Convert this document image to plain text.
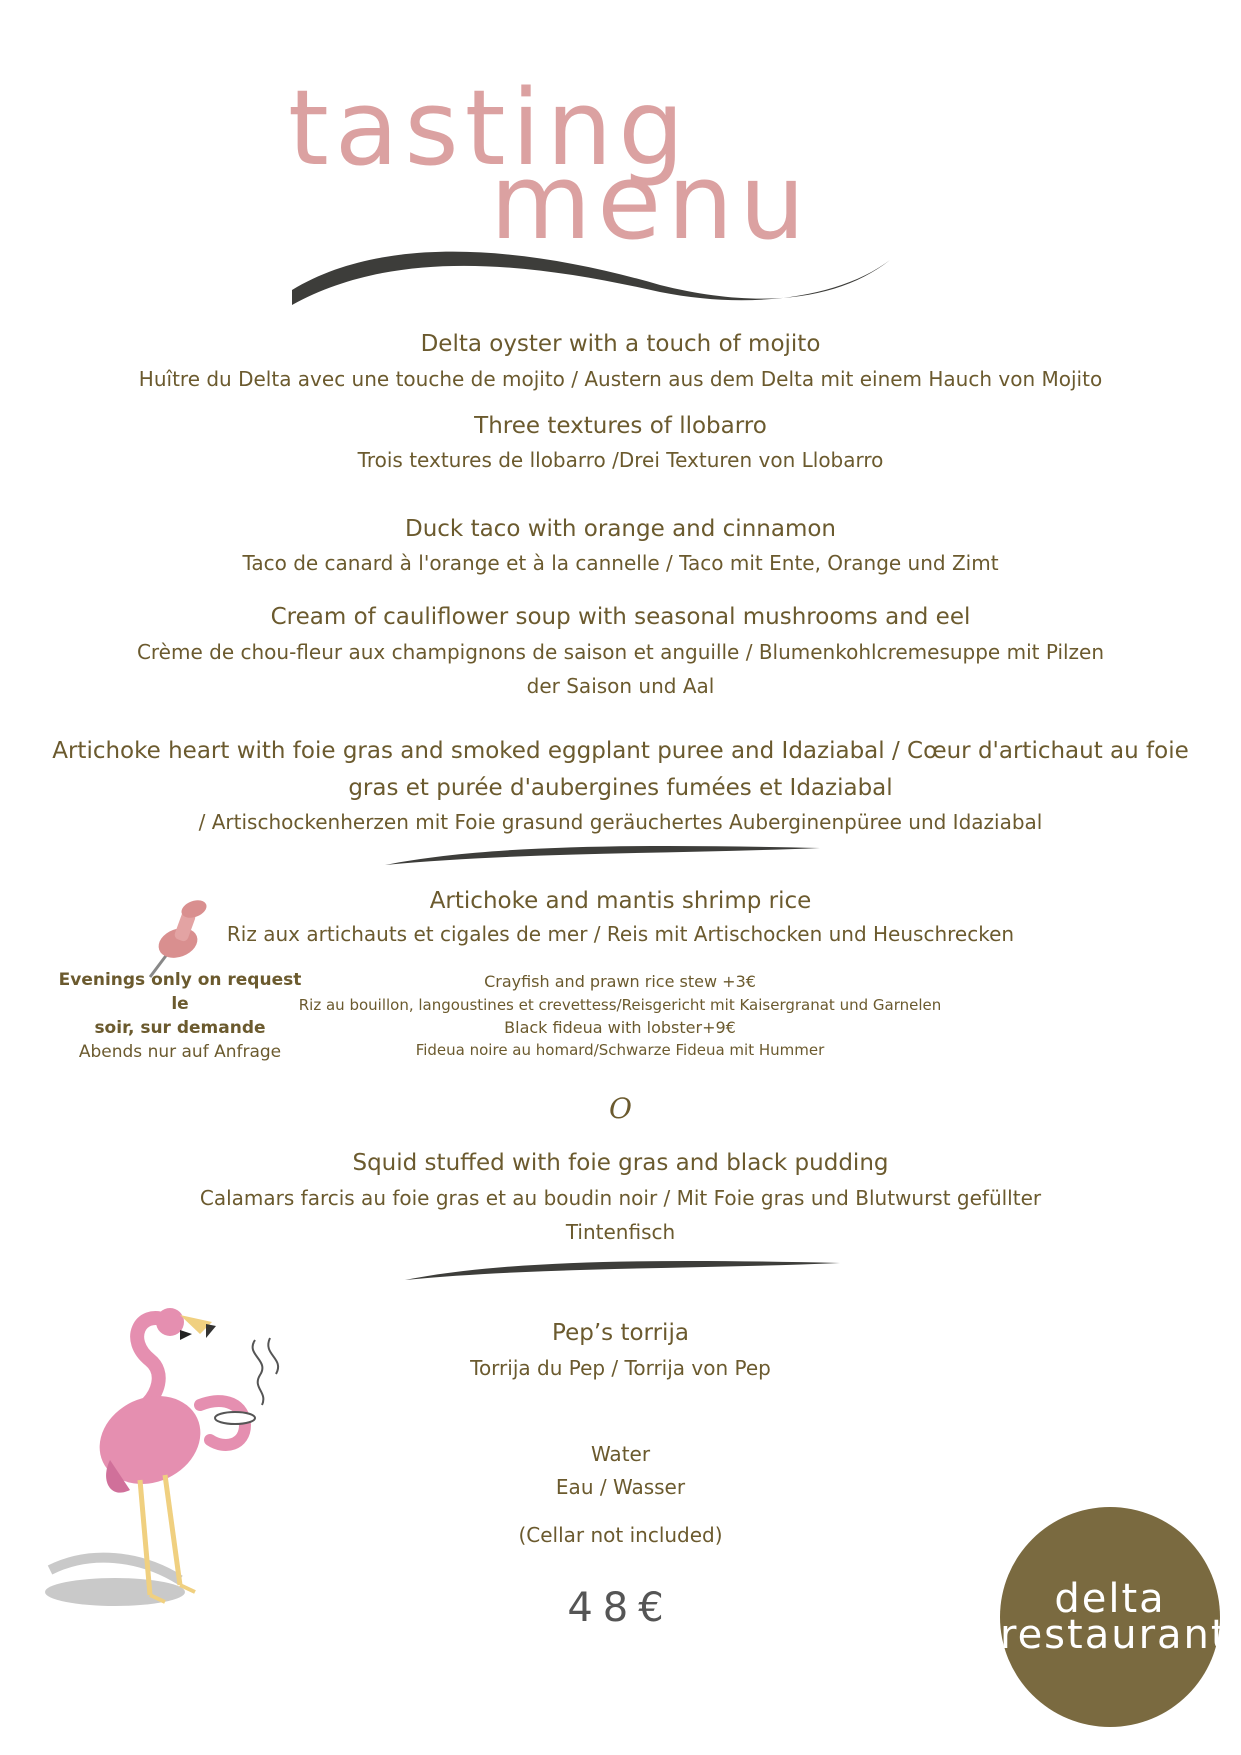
tasting
menu
Delta oyster with a touch of mojito
Huître du Delta avec une touche de mojito / Austern aus dem Delta mit einem Hauch von Mojito
Three textures of llobarro
Trois textures de llobarro /Drei Texturen von Llobarro
Duck taco with orange and cinnamon
Taco de canard à l'orange et à la cannelle / Taco mit Ente, Orange und Zimt
Cream of cauliflower soup with seasonal mushrooms and eel
Crème de chou-fleur aux champignons de saison et anguille / Blumenkohlcremesuppe mit Pilzen
der Saison und Aal
Artichoke heart with foie gras and smoked eggplant puree and Idaziabal / Cœur d'artichaut au foie
gras et purée d'aubergines fumées et Idaziabal
/ Artischockenherzen mit Foie grasund geräuchertes Auberginenpüree und Idaziabal
Artichoke and mantis shrimp rice
Riz aux artichauts et cigales de mer / Reis mit Artischocken und Heuschrecken
Evenings only on request le
soir, sur demande
Abends nur auf Anfrage
Crayfish and prawn rice stew +3€
Riz au bouillon, langoustines et crevettess/Reisgericht mit Kaisergranat und Garnelen
Black fideua with lobster+9€
Fideua noire au homard/Schwarze Fideua mit Hummer
O
Squid stuffed with foie gras and black pudding
Calamars farcis au foie gras et au boudin noir / Mit Foie gras und Blutwurst gefüllter
Tintenfisch
Pep’s torrija
Torrija du Pep / Torrija von Pep
Water
Eau / Wasser
(Cellar not included)
48€	delta
restaurant
